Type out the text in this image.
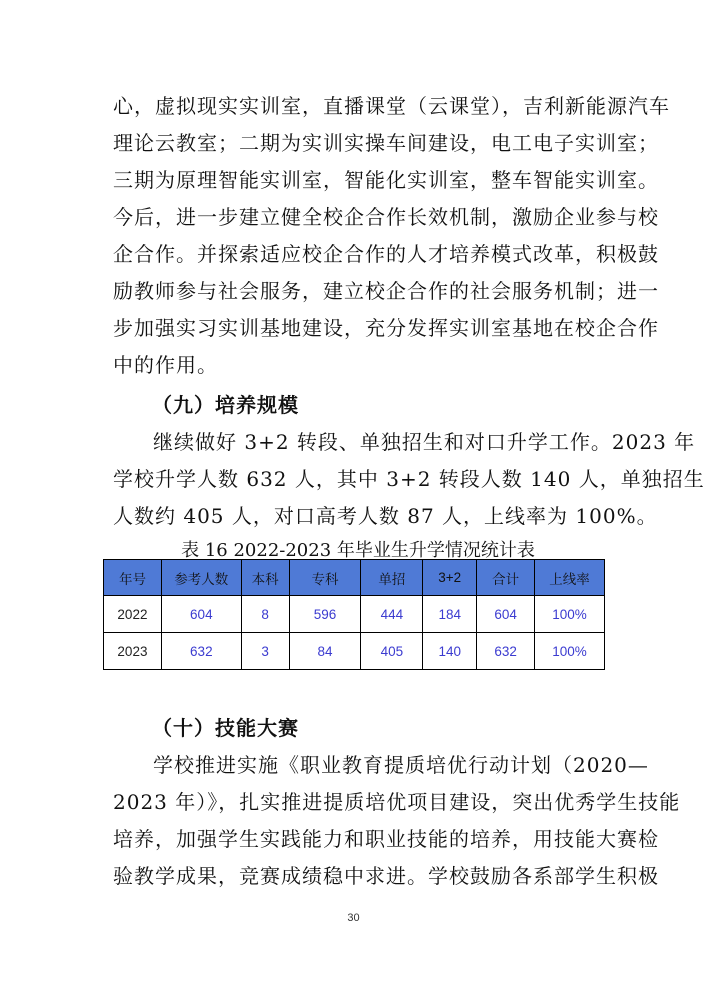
心，虚拟现实实训室，直播课堂（云课堂），吉利新能源汽车
理论云教室；二期为实训实操车间建设，电工电子实训室；
三期为原理智能实训室，智能化实训室，整车智能实训室。
今后，进一步建立健全校企合作长效机制，激励企业参与校
企合作。并探索适应校企合作的人才培养模式改革，积极鼓
励教师参与社会服务，建立校企合作的社会服务机制；进一
步加强实习实训基地建设，充分发挥实训室基地在校企合作
中的作用。
（九）培养规模
继续做好 3+2 转段、单独招生和对口升学工作。2023 年
学校升学人数 632 人，其中 3+2 转段人数 140 人，单独招生
人数约 405 人，对口高考人数 87 人，上线率为 100%。
表 16 2022-2023 年毕业生升学情况统计表
年号	参考人数	本科	专科	单招	3+2	合计	上线率
2022	604	8	596	444	184	604	100%
2023	632	3	84	405	140	632	100%
（十）技能大赛
学校推进实施《职业教育提质培优行动计划（2020—
2023 年）》，扎实推进提质培优项目建设，突出优秀学生技能
培养，加强学生实践能力和职业技能的培养，用技能大赛检
验教学成果，竞赛成绩稳中求进。学校鼓励各系部学生积极
30
